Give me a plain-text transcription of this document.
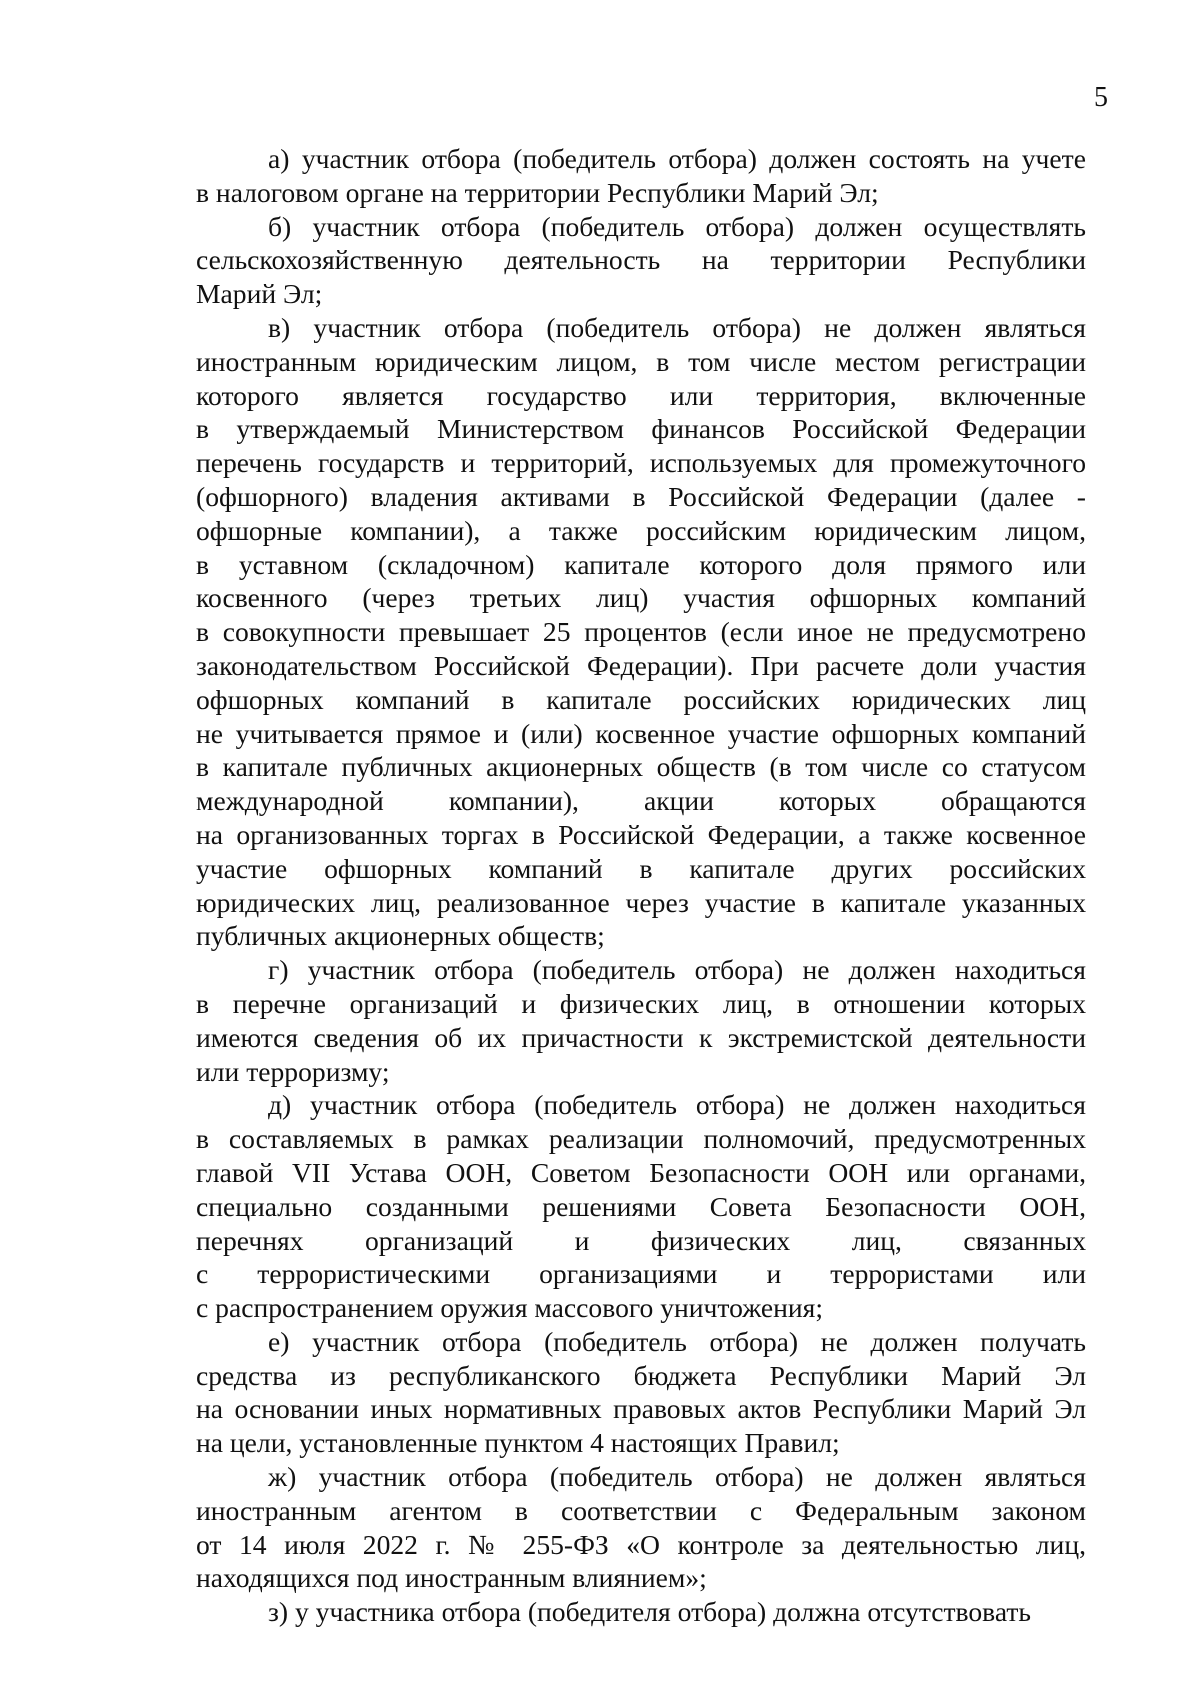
5
а) участник отбора (победитель отбора) должен состоять на учете
в налоговом органе на территории Республики Марий Эл;
б) участник отбора (победитель отбора) должен осуществлять
сельскохозяйственную деятельность на территории Республики
Марий Эл;
в) участник отбора (победитель отбора) не должен являться
иностранным юридическим лицом, в том числе местом регистрации
которого является государство или территория, включенные
в утверждаемый Министерством финансов Российской Федерации
перечень государств и территорий, используемых для промежуточного
(офшорного) владения активами в Российской Федерации (далее -
офшорные компании), а также российским юридическим лицом,
в уставном (складочном) капитале которого доля прямого или
косвенного (через третьих лиц) участия офшорных компаний
в совокупности превышает 25 процентов (если иное не предусмотрено
законодательством Российской Федерации). При расчете доли участия
офшорных компаний в капитале российских юридических лиц
не учитывается прямое и (или) косвенное участие офшорных компаний
в капитале публичных акционерных обществ (в том числе со статусом
международной компании), акции которых обращаются
на организованных торгах в Российской Федерации, а также косвенное
участие офшорных компаний в капитале других российских
юридических лиц, реализованное через участие в капитале указанных
публичных акционерных обществ;
г) участник отбора (победитель отбора) не должен находиться
в перечне организаций и физических лиц, в отношении которых
имеются сведения об их причастности к экстремистской деятельности
или терроризму;
д) участник отбора (победитель отбора) не должен находиться
в составляемых в рамках реализации полномочий, предусмотренных
главой VII Устава ООН, Советом Безопасности ООН или органами,
специально созданными решениями Совета Безопасности ООН,
перечнях организаций и физических лиц, связанных
с террористическими организациями и террористами или
с распространением оружия массового уничтожения;
е) участник отбора (победитель отбора) не должен получать
средства из республиканского бюджета Республики Марий Эл
на основании иных нормативных правовых актов Республики Марий Эл
на цели, установленные пунктом 4 настоящих Правил;
ж) участник отбора (победитель отбора) не должен являться
иностранным агентом в соответствии с Федеральным законом
от 14 июля 2022 г. № 255-ФЗ «О контроле за деятельностью лиц,
находящихся под иностранным влиянием»;
з) у участника отбора (победителя отбора) должна отсутствовать
